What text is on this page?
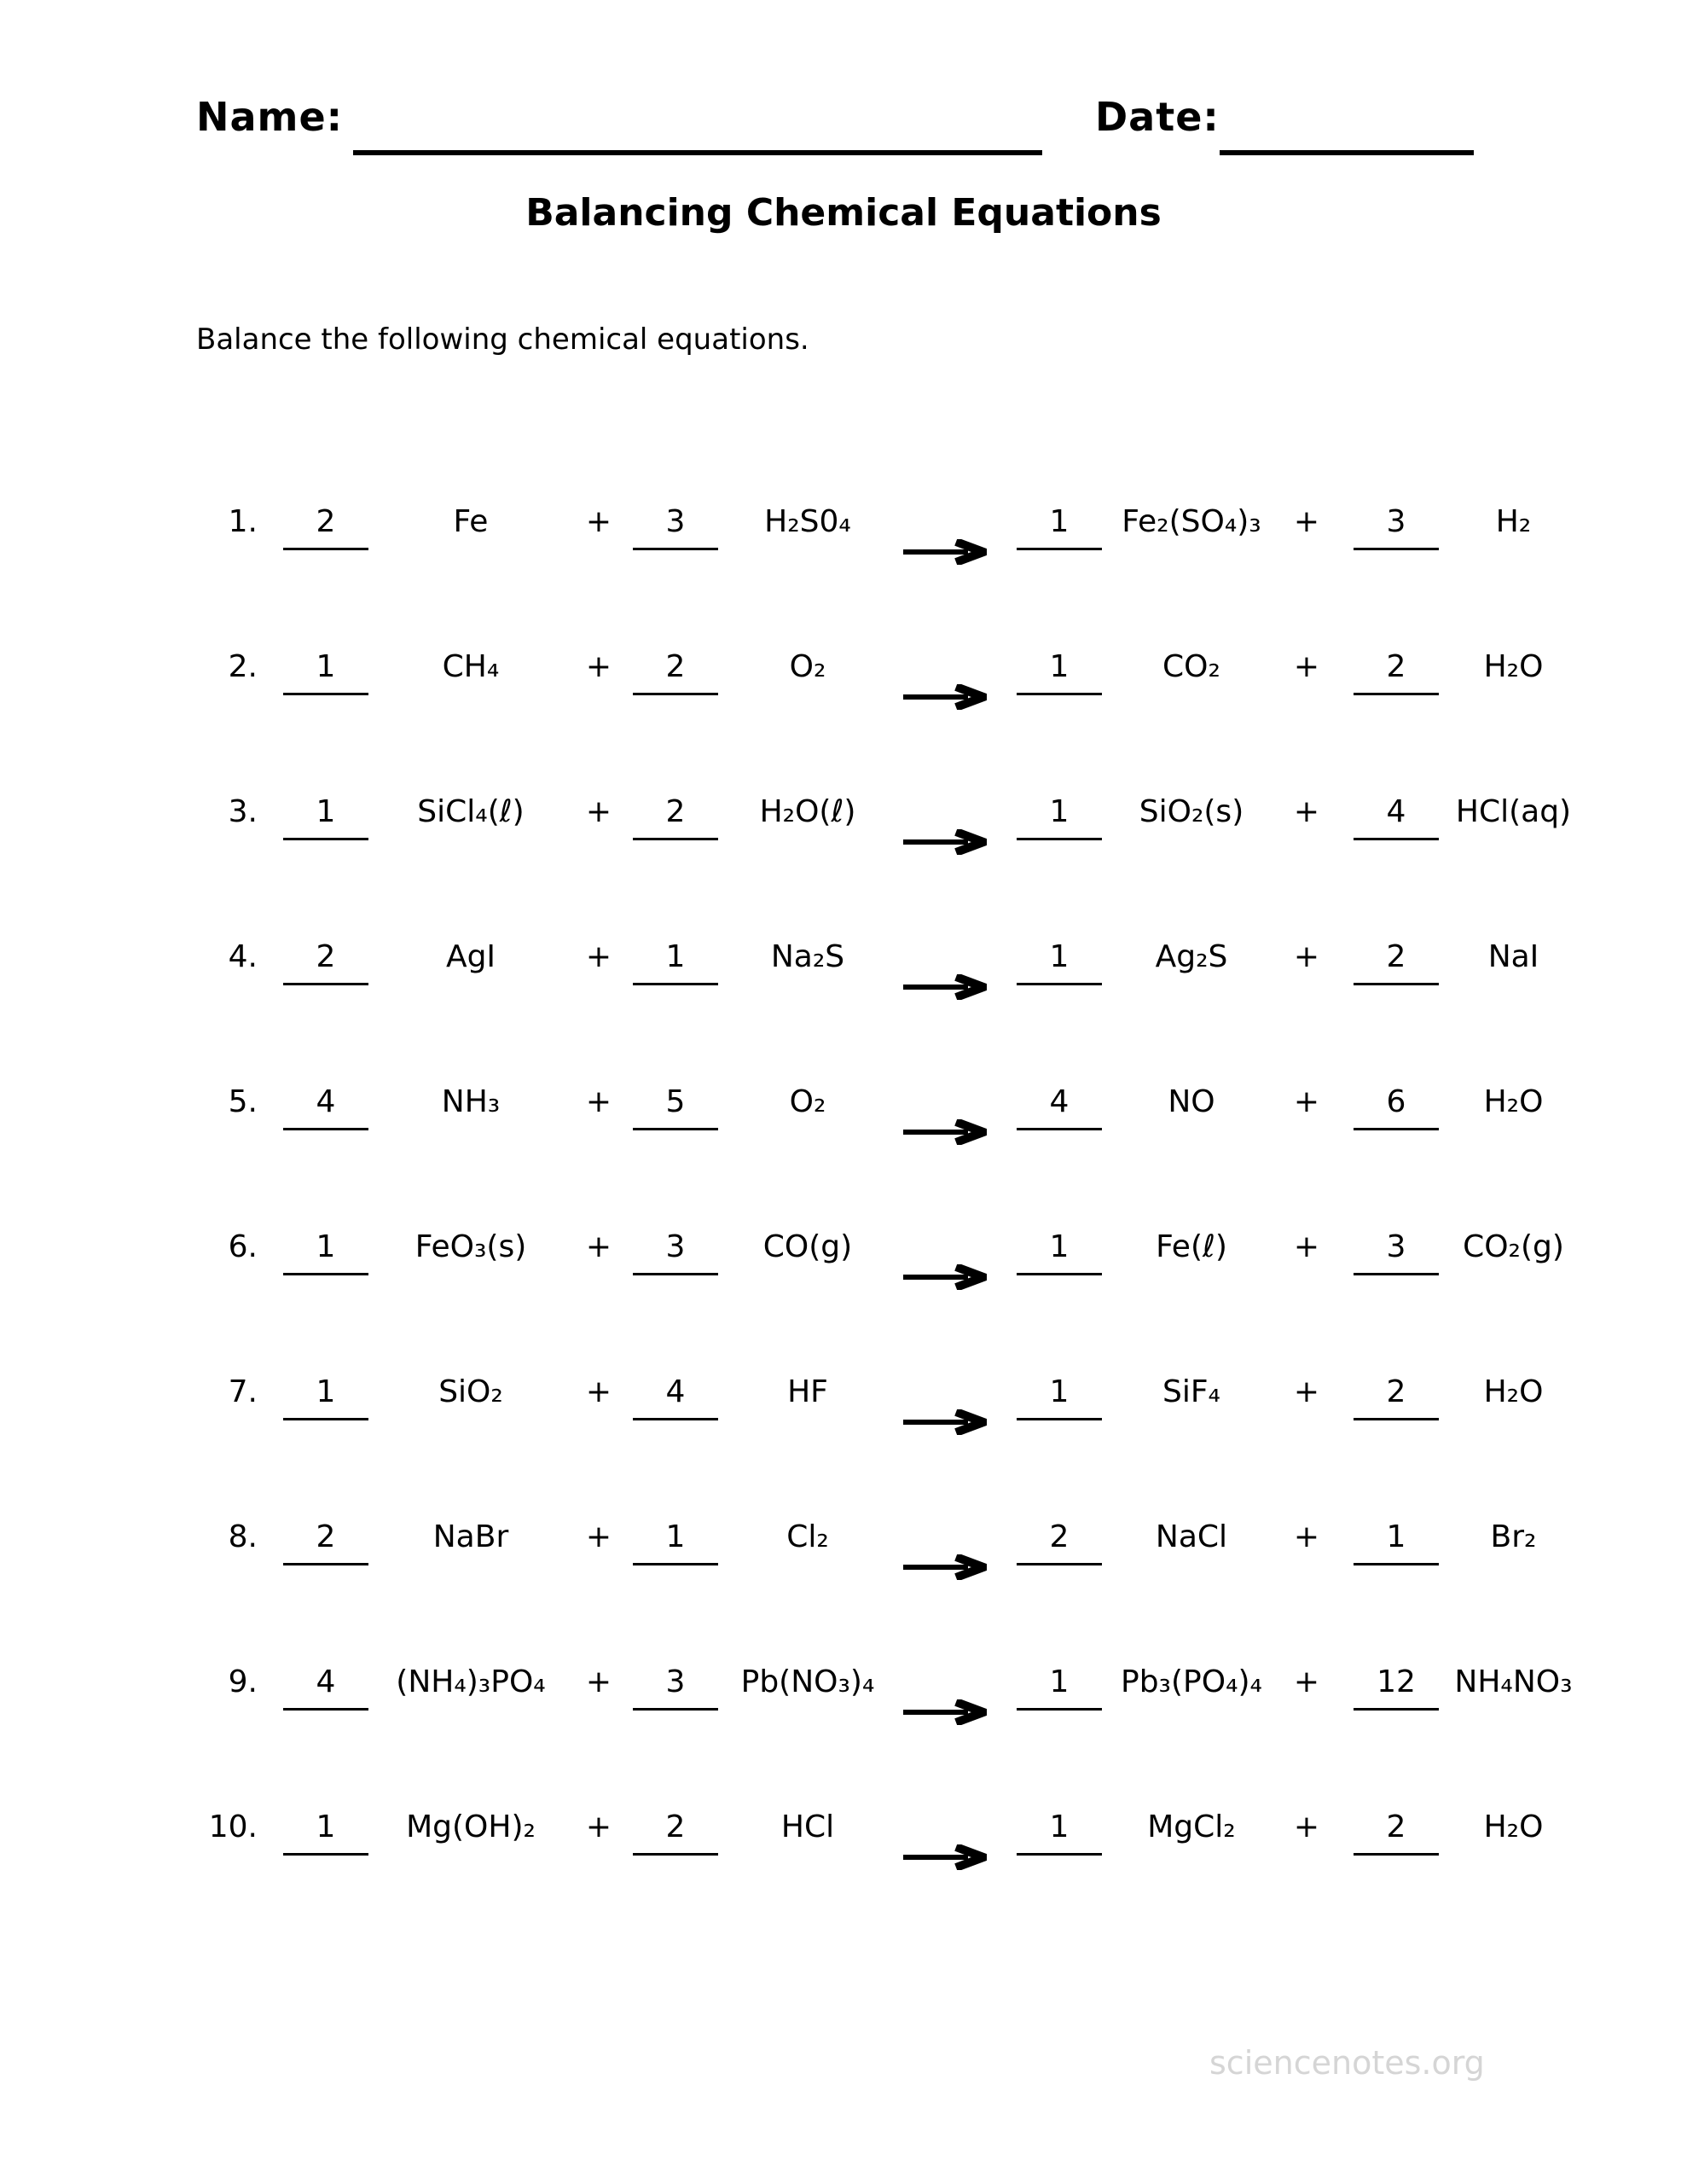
Name:	Date:
Balancing Chemical Equations

Balance the following chemical equations.

1.	2	Fe	+	3	H₂S0₄	1	Fe₂(SO₄)₃	+	3	H₂
2.	1	CH₄	+	2	O₂	1	CO₂	+	2	H₂O
3.	1	SiCl₄(ℓ)	+	2	H₂O(ℓ)	1	SiO₂(s)	+	4	HCl(aq)
4.	2	AgI	+	1	Na₂S	1	Ag₂S	+	2	NaI
5.	4	NH₃	+	5	O₂	4	NO	+	6	H₂O
6.	1	FeO₃(s)	+	3	CO(g)	1	Fe(ℓ)	+	3	CO₂(g)
7.	1	SiO₂	+	4	HF	1	SiF₄	+	2	H₂O
8.	2	NaBr	+	1	Cl₂	2	NaCl	+	1	Br₂
9.	4	(NH₄)₃PO₄	+	3	Pb(NO₃)₄	1	Pb₃(PO₄)₄	+	12	NH₄NO₃
10.	1	Mg(OH)₂	+	2	HCl	1	MgCl₂	+	2	H₂O

sciencenotes.org
